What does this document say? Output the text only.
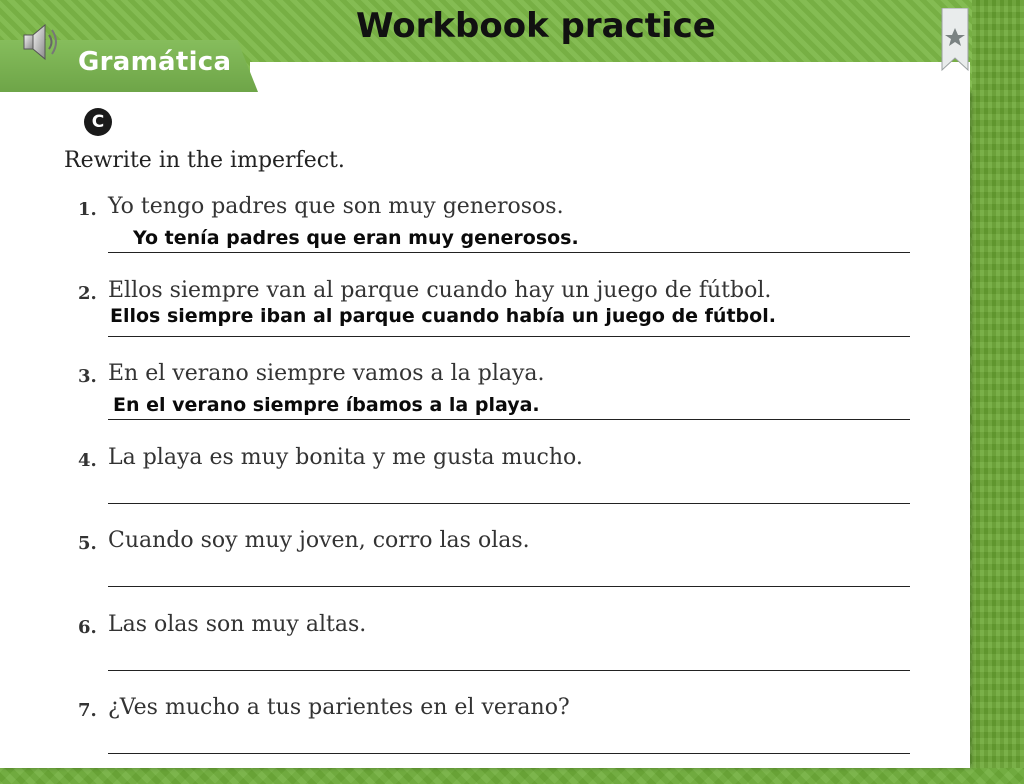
Gramática
Workbook practice
C
Rewrite in the imperfect.
1. Yo tengo padres que son muy generosos.
Yo tenía padres que eran muy generosos.
2. Ellos siempre van al parque cuando hay un juego de fútbol.
Ellos siempre iban al parque cuando había un juego de fútbol.
3. En el verano siempre vamos a la playa.
En el verano siempre íbamos a la playa.
4. La playa es muy bonita y me gusta mucho.
5. Cuando soy muy joven, corro las olas.
6. Las olas son muy altas.
7. ¿Ves mucho a tus parientes en el verano?
